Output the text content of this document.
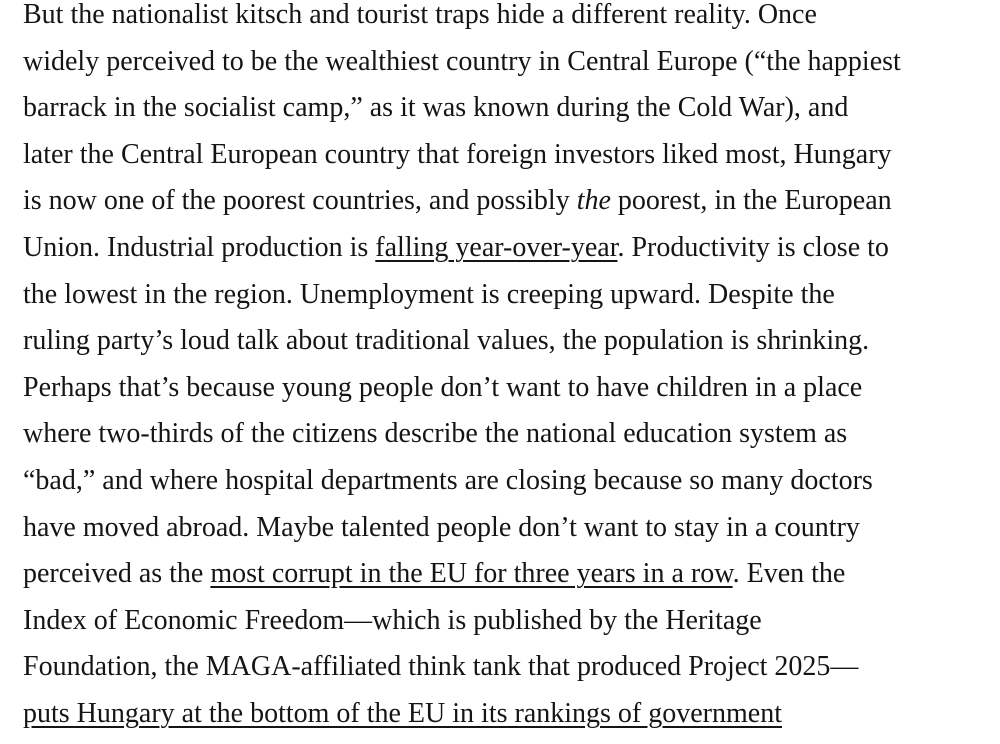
But the nationalist kitsch and tourist traps hide a different reality. Once
widely perceived to be the wealthiest country in Central Europe (“the happiest
barrack in the socialist camp,” as it was known during the Cold War), and
later the Central European country that foreign investors liked most, Hungary
is now one of the poorest countries, and possibly the poorest, in the European
Union. Industrial production is falling year-over-year. Productivity is close to
the lowest in the region. Unemployment is creeping upward. Despite the
ruling party’s loud talk about traditional values, the population is shrinking.
Perhaps that’s because young people don’t want to have children in a place
where two-thirds of the citizens describe the national education system as
“bad,” and where hospital departments are closing because so many doctors
have moved abroad. Maybe talented people don’t want to stay in a country
perceived as the most corrupt in the EU for three years in a row. Even the
Index of Economic Freedom—which is published by the Heritage
Foundation, the MAGA-affiliated think tank that produced Project 2025—
puts Hungary at the bottom of the EU in its rankings of government
